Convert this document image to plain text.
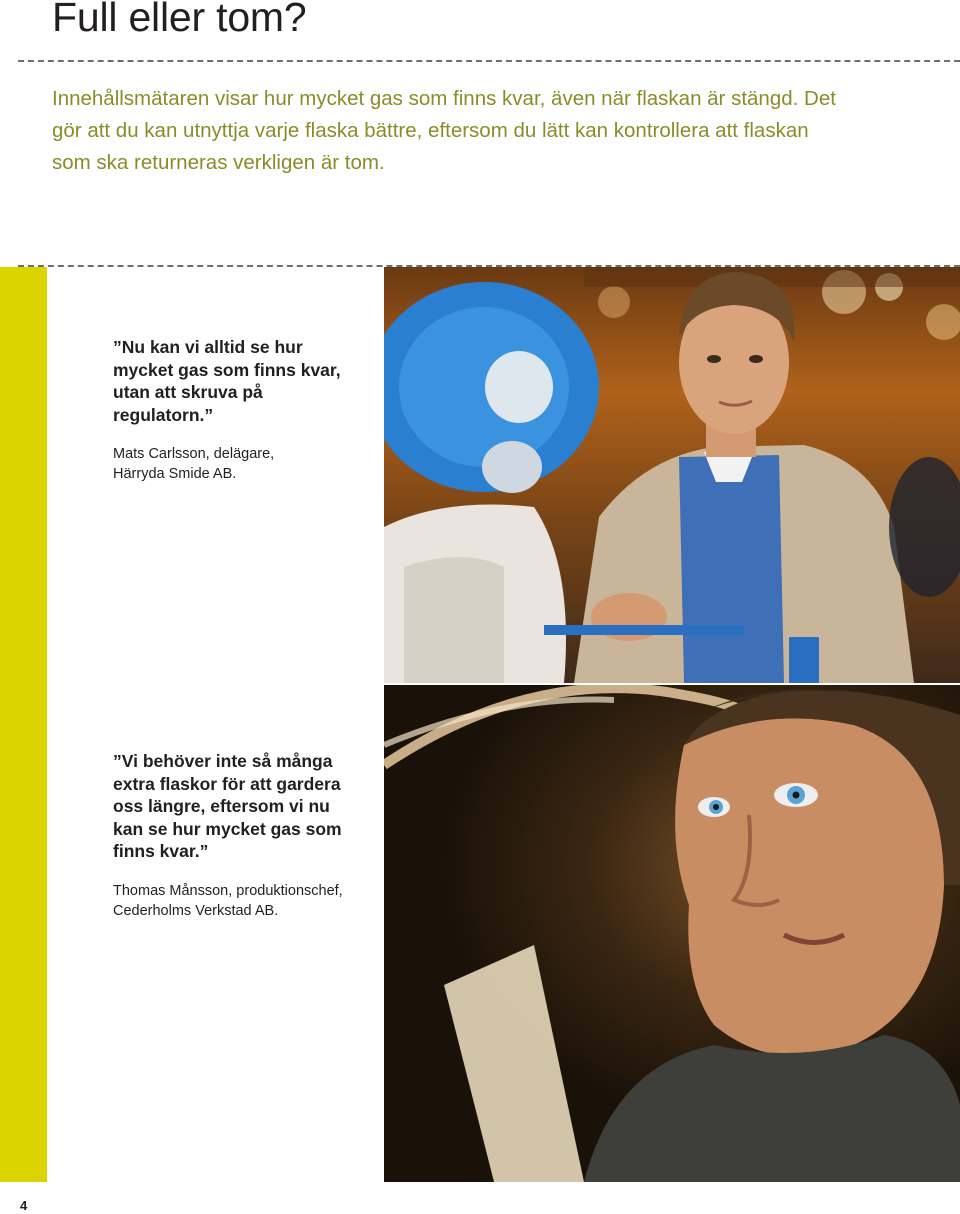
Full eller tom?

Innehållsmätaren visar hur mycket gas som finns kvar, även när flaskan är stängd. Det gör att du kan utnyttja varje flaska bättre, eftersom du lätt kan kontrollera att flaskan som ska returneras verkligen är tom.

”Nu kan vi alltid se hur mycket gas som finns kvar, utan att skruva på regulatorn.”

Mats Carlsson, delägare,
Härryda Smide AB.

”Vi behöver inte så många extra flaskor för att gardera oss längre, eftersom vi nu kan se hur mycket gas som finns kvar.”

Thomas Månsson, produktionschef,
Cederholms Verkstad AB.

4
